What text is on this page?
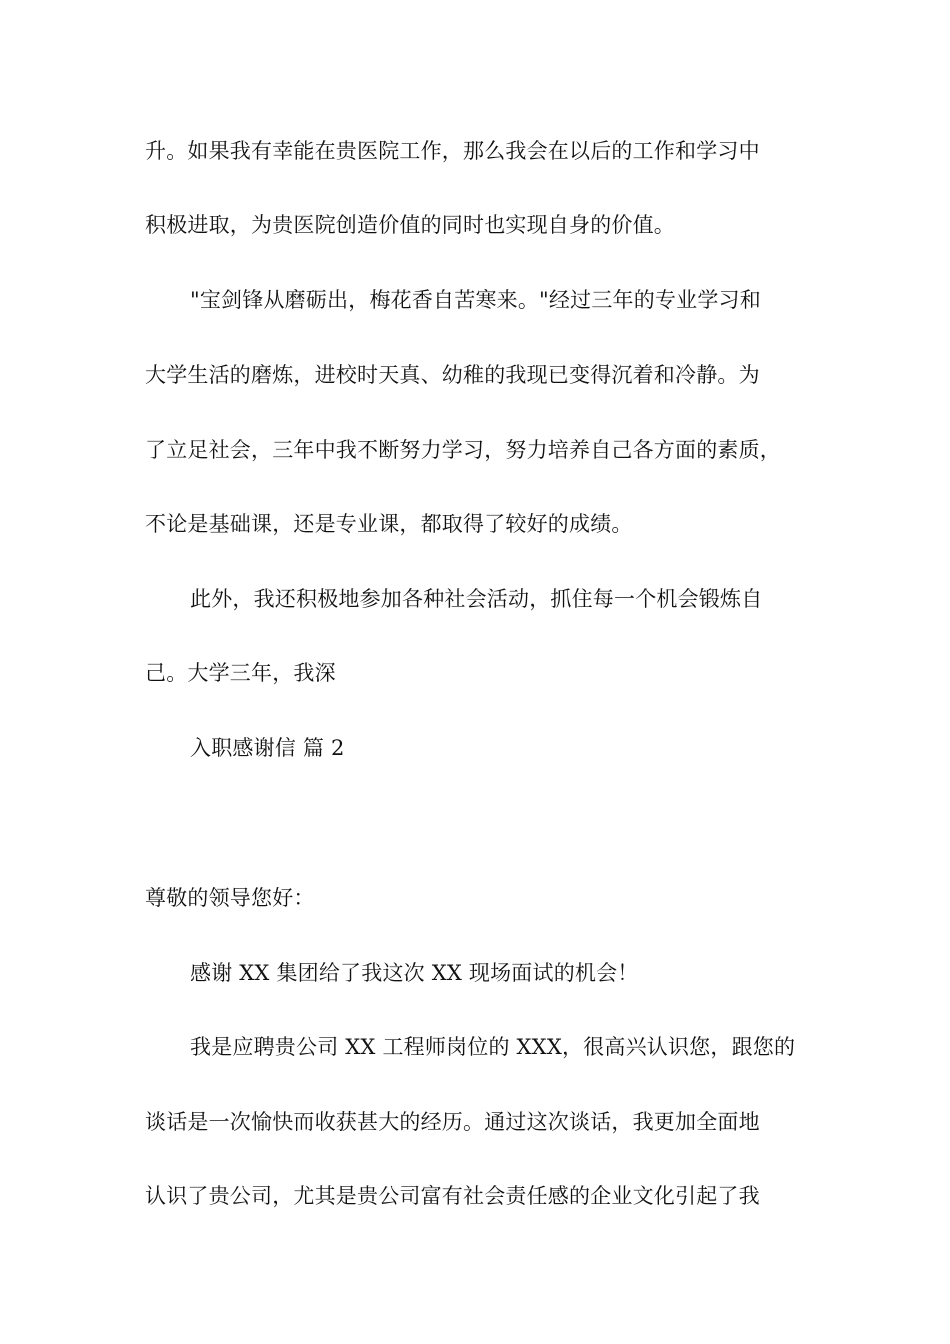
升。如果我有幸能在贵医院工作，那么我会在以后的工作和学习中
积极进取，为贵医院创造价值的同时也实现自身的价值。
"宝剑锋从磨砺出，梅花香自苦寒来。"经过三年的专业学习和
大学生活的磨炼，进校时天真、幼稚的我现已变得沉着和冷静。为
了立足社会，三年中我不断努力学习，努力培养自己各方面的素质，
不论是基础课，还是专业课，都取得了较好的成绩。
此外，我还积极地参加各种社会活动，抓住每一个机会锻炼自
己。大学三年，我深
入职感谢信 篇 2
尊敬的领导您好：
感谢 XX 集团给了我这次 XX 现场面试的机会！
我是应聘贵公司 XX 工程师岗位的 XXX，很高兴认识您，跟您的
谈话是一次愉快而收获甚大的经历。通过这次谈话，我更加全面地
认识了贵公司，尤其是贵公司富有社会责任感的企业文化引起了我
